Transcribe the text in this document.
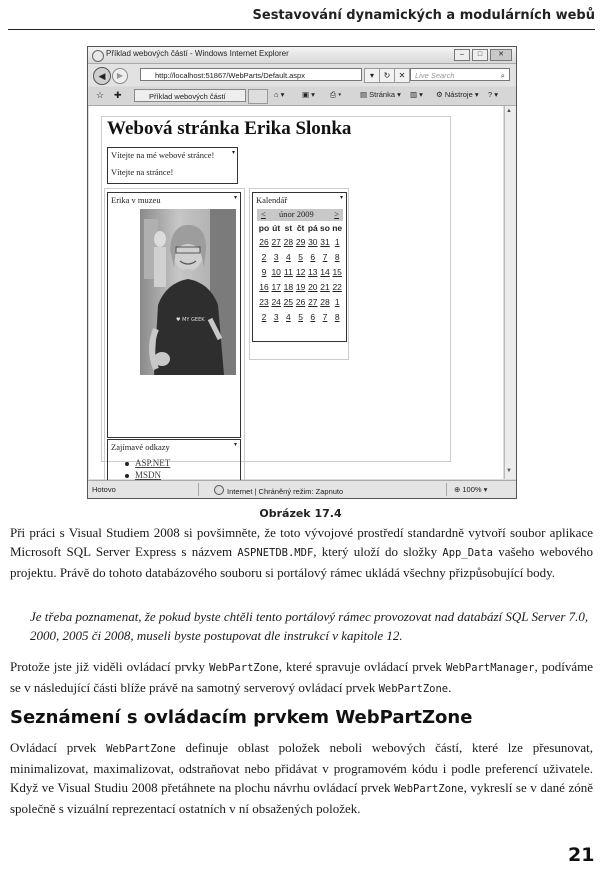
Sestavování dynamických a modulárních webů
Příklad webových částí - Windows Internet Explorer	–	□	✕
◀	▶	http://localhost:51867/WebParts/Default.aspx	▾	↻	✕	Live Search	⌕
☆ ✚	Příklad webových částí	⌂ ▾ ▣ ▾ ⎙ ▾	▤ Stránka ▾ ▥ ▾ ⚙ Nástroje ▾ ? ▾
Webová stránka Erika Slonka
Vítejte na mé webové stránce!	▾
Vítejte na stránce!
Erika v muzeu	▾
♥ MY GEEK
Zajímavé odkazy	▾
ASP.NET
MSDN
Kalendář	▾
< únor 2009 >
po út st čt pá so ne
26 27 28 29 30 31 1
2 3 4 5 6 7 8
9 10 11 12 13 14 15
16 17 18 19 20 21 22
23 24 25 26 27 28 1
2 3 4 5 6 7 8
▲
▼
Hotovo	Internet | Chráněný režim: Zapnuto	⊕ 100% ▾
Obrázek 17.4
Při práci s Visual Studiem 2008 si povšimněte, že toto vývojové prostředí standardně vytvoří soubor aplikace Microsoft SQL Server Express s názvem ASPNETDB.MDF, který uloží do složky App_Data vašeho webového projektu. Právě do tohoto databázového souboru si portálový rámec ukládá všechny přizpůsobující body.
Je třeba poznamenat, že pokud byste chtěli tento portálový rámec provozovat nad databází SQL Server 7.0, 2000, 2005 či 2008, museli byste postupovat dle instrukcí v kapitole 12.
Protože jste již viděli ovládací prvky WebPartZone, které spravuje ovládací prvek WebPartManager, podíváme se v následující části blíže právě na samotný serverový ovládací prvek WebPartZone.
Seznámení s ovládacím prvkem WebPartZone
Ovládací prvek WebPartZone definuje oblast položek neboli webových částí, které lze přesunovat, minimalizovat, maximalizovat, odstraňovat nebo přidávat v programovém kódu i podle preferencí uživatele. Když ve Visual Studiu 2008 přetáhnete na plochu návrhu ovládací prvek WebPartZone, vykreslí se v dané zóně společně s vizuální reprezentací ostatních v ní obsažených položek.
21
